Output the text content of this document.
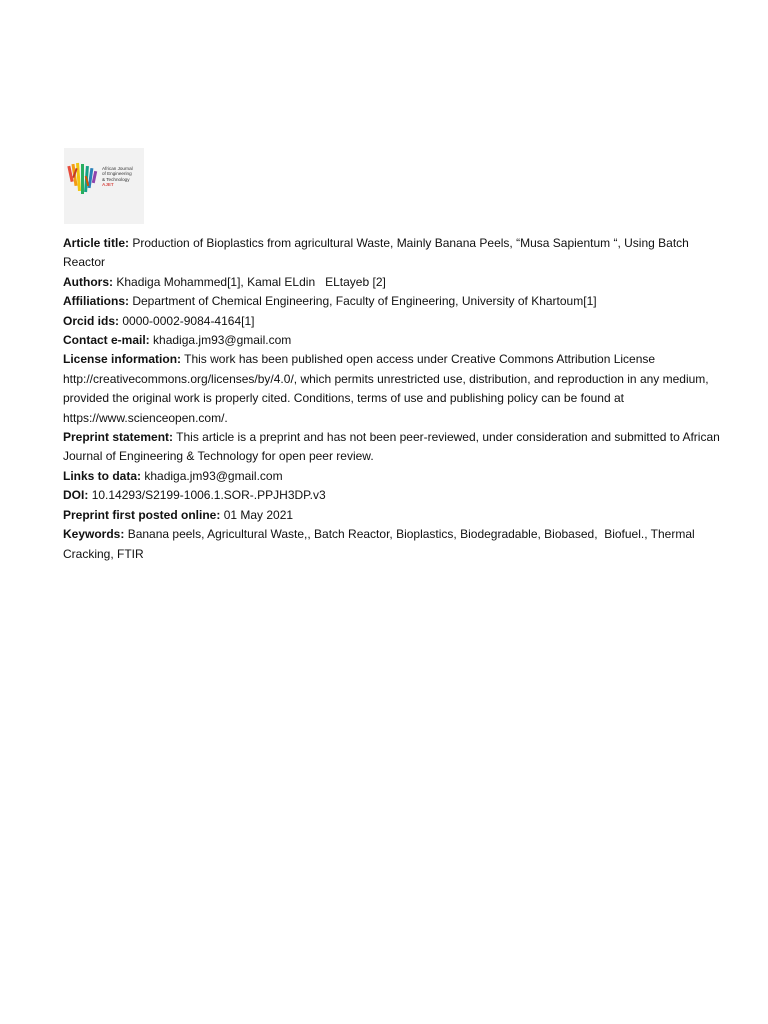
African Journal
of Engineering
& Technology
AJET

Article title: Production of Bioplastics from agricultural Waste, Mainly Banana Peels, “Musa Sapientum “, Using Batch Reactor

Authors: Khadiga Mohammed[1], Kamal ELdin   ELtayeb [2]

Affiliations: Department of Chemical Engineering, Faculty of Engineering, University of Khartoum[1]

Orcid ids: 0000-0002-9084-4164[1]

Contact e-mail: khadiga.jm93@gmail.com

License information: This work has been published open access under Creative Commons Attribution License http://creativecommons.org/licenses/by/4.0/, which permits unrestricted use, distribution, and reproduction in any medium, provided the original work is properly cited. Conditions, terms of use and publishing policy can be found at https://www.scienceopen.com/.

Preprint statement: This article is a preprint and has not been peer-reviewed, under consideration and submitted to African Journal of Engineering & Technology for open peer review.

Links to data: khadiga.jm93@gmail.com

DOI: 10.14293/S2199-1006.1.SOR-.PPJH3DP.v3

Preprint first posted online: 01 May 2021

Keywords: Banana peels, Agricultural Waste,, Batch Reactor, Bioplastics, Biodegradable, Biobased,  Biofuel., Thermal Cracking, FTIR
